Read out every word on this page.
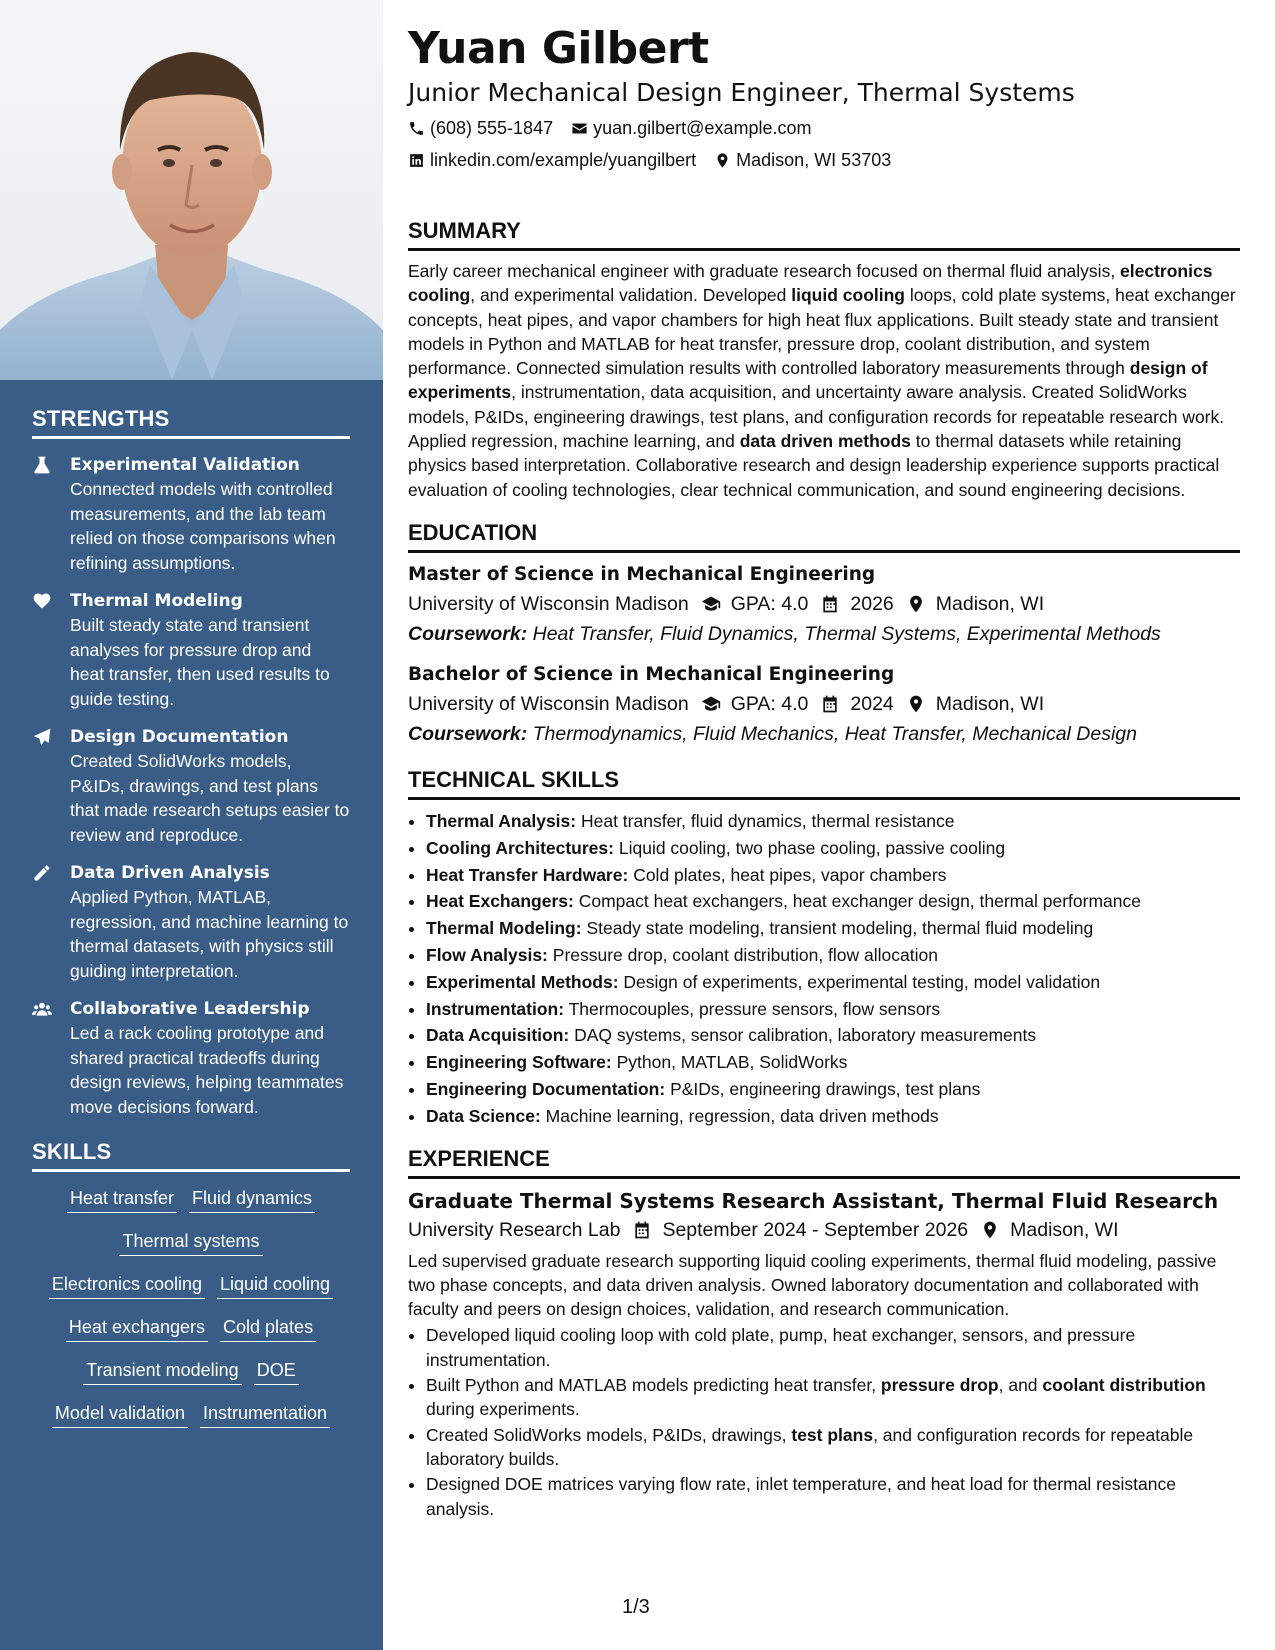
STRENGTHS
Experimental Validation
Connected models with controlled measurements, and the lab team relied on those comparisons when refining assumptions.
Thermal Modeling
Built steady state and transient analyses for pressure drop and heat transfer, then used results to guide testing.
Design Documentation
Created SolidWorks models, P&IDs, drawings, and test plans that made research setups easier to review and reproduce.
Data Driven Analysis
Applied Python, MATLAB, regression, and machine learning to thermal datasets, with physics still guiding interpretation.
Collaborative Leadership
Led a rack cooling prototype and shared practical tradeoffs during design reviews, helping teammates move decisions forward.
SKILLS
Heat transfer Fluid dynamics
Thermal systems
Electronics cooling Liquid cooling
Heat exchangers Cold plates
Transient modeling DOE
Model validation Instrumentation
Yuan Gilbert
Junior Mechanical Design Engineer, Thermal Systems
(608) 555-1847 yuan.gilbert@example.com
linkedin.com/example/yuangilbert Madison, WI 53703
SUMMARY

Early career mechanical engineer with graduate research focused on thermal fluid analysis, electronics cooling, and experimental validation. Developed liquid cooling loops, cold plate systems, heat exchanger concepts, heat pipes, and vapor chambers for high heat flux applications. Built steady state and transient models in Python and MATLAB for heat transfer, pressure drop, coolant distribution, and system performance. Connected simulation results with controlled laboratory measurements through design of experiments, instrumentation, data acquisition, and uncertainty aware analysis. Created SolidWorks models, P&IDs, engineering drawings, test plans, and configuration records for repeatable research work. Applied regression, machine learning, and data driven methods to thermal datasets while retaining physics based interpretation. Collaborative research and design leadership experience supports practical evaluation of cooling technologies, clear technical communication, and sound engineering decisions.

EDUCATION
Master of Science in Mechanical Engineering
University of Wisconsin Madison GPA: 4.0 2026 Madison, WI
Coursework: Heat Transfer, Fluid Dynamics, Thermal Systems, Experimental Methods
Bachelor of Science in Mechanical Engineering
University of Wisconsin Madison GPA: 4.0 2024 Madison, WI
Coursework: Thermodynamics, Fluid Mechanics, Heat Transfer, Mechanical Design
TECHNICAL SKILLS
• Thermal Analysis: Heat transfer, fluid dynamics, thermal resistance
• Cooling Architectures: Liquid cooling, two phase cooling, passive cooling
• Heat Transfer Hardware: Cold plates, heat pipes, vapor chambers
• Heat Exchangers: Compact heat exchangers, heat exchanger design, thermal performance
• Thermal Modeling: Steady state modeling, transient modeling, thermal fluid modeling
• Flow Analysis: Pressure drop, coolant distribution, flow allocation
• Experimental Methods: Design of experiments, experimental testing, model validation
• Instrumentation: Thermocouples, pressure sensors, flow sensors
• Data Acquisition: DAQ systems, sensor calibration, laboratory measurements
• Engineering Software: Python, MATLAB, SolidWorks
• Engineering Documentation: P&IDs, engineering drawings, test plans
• Data Science: Machine learning, regression, data driven methods
EXPERIENCE
Graduate Thermal Systems Research Assistant, Thermal Fluid Research
University Research Lab September 2024 - September 2026 Madison, WI

Led supervised graduate research supporting liquid cooling experiments, thermal fluid modeling, passive two phase concepts, and data driven analysis. Owned laboratory documentation and collaborated with faculty and peers on design choices, validation, and research communication.

• Developed liquid cooling loop with cold plate, pump, heat exchanger, sensors, and pressure instrumentation.
• Built Python and MATLAB models predicting heat transfer, pressure drop, and coolant distribution during experiments.
• Created SolidWorks models, P&IDs, drawings, test plans, and configuration records for repeatable laboratory builds.
• Designed DOE matrices varying flow rate, inlet temperature, and heat load for thermal resistance analysis.
1/3
